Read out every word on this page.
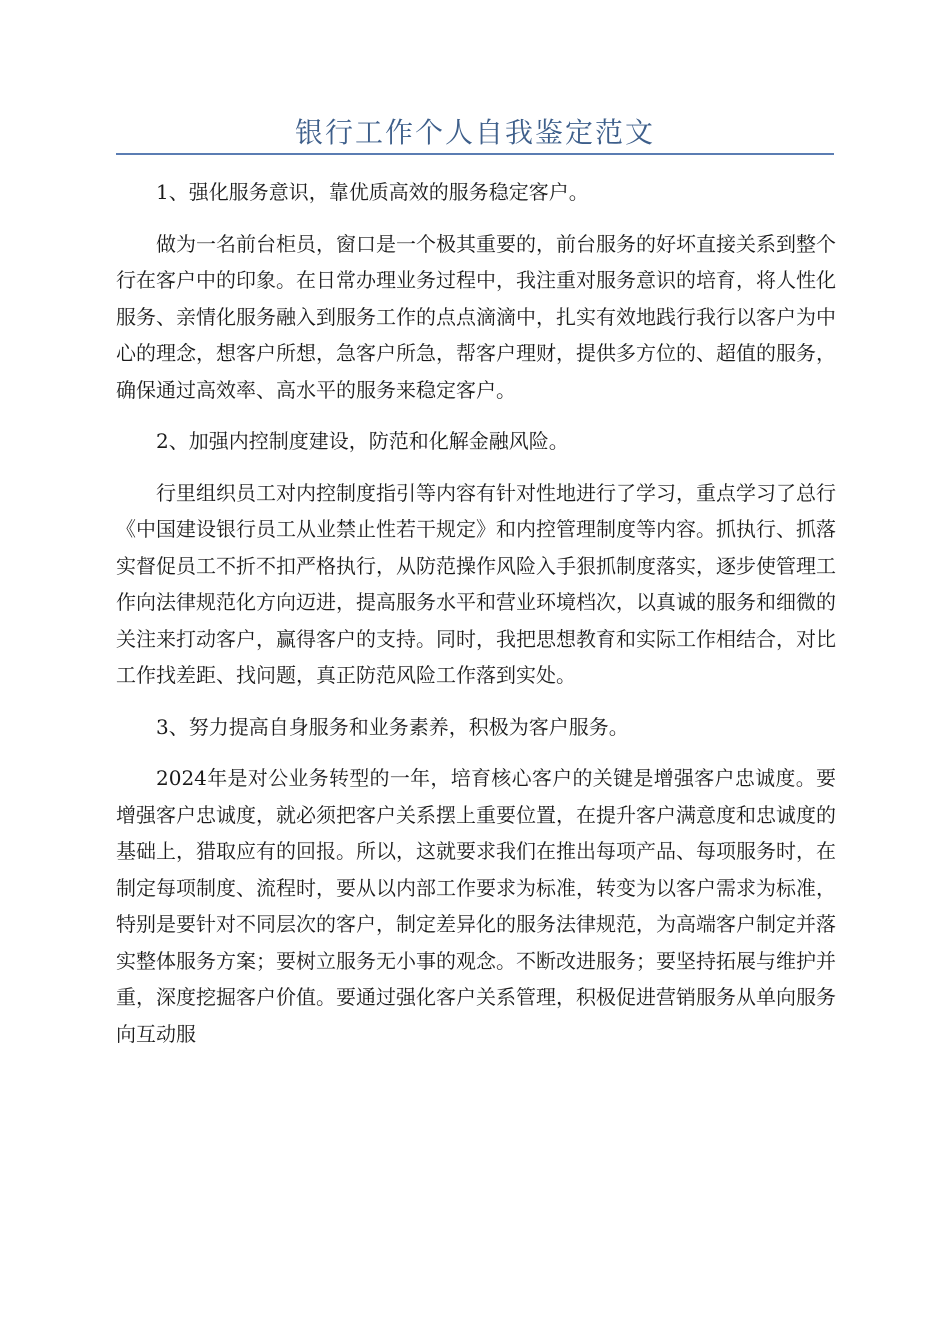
银行工作个人自我鉴定范文

1、强化服务意识，靠优质高效的服务稳定客户。

做为一名前台柜员，窗口是一个极其重要的，前台服务的好坏直接关系到整个行在客户中的印象。在日常办理业务过程中，我注重对服务意识的培育，将人性化服务、亲情化服务融入到服务工作的点点滴滴中，扎实有效地践行我行以客户为中心的理念，想客户所想，急客户所急，帮客户理财，提供多方位的、超值的服务，确保通过高效率、高水平的服务来稳定客户。

2、加强内控制度建设，防范和化解金融风险。

行里组织员工对内控制度指引等内容有针对性地进行了学习，重点学习了总行《中国建设银行员工从业禁止性若干规定》和内控管理制度等内容。抓执行、抓落实督促员工不折不扣严格执行，从防范操作风险入手狠抓制度落实，逐步使管理工作向法律规范化方向迈进，提高服务水平和营业环境档次，以真诚的服务和细微的关注来打动客户，赢得客户的支持。同时，我把思想教育和实际工作相结合，对比工作找差距、找问题，真正防范风险工作落到实处。

3、努力提高自身服务和业务素养，积极为客户服务。

2024年是对公业务转型的一年，培育核心客户的关键是增强客户忠诚度。要增强客户忠诚度，就必须把客户关系摆上重要位置，在提升客户满意度和忠诚度的基础上，猎取应有的回报。所以，这就要求我们在推出每项产品、每项服务时，在制定每项制度、流程时，要从以内部工作要求为标准，转变为以客户需求为标准，特别是要针对不同层次的客户，制定差异化的服务法律规范，为高端客户制定并落实整体服务方案；要树立服务无小事的观念。不断改进服务；要坚持拓展与维护并重，深度挖掘客户价值。要通过强化客户关系管理，积极促进营销服务从单向服务向互动服
